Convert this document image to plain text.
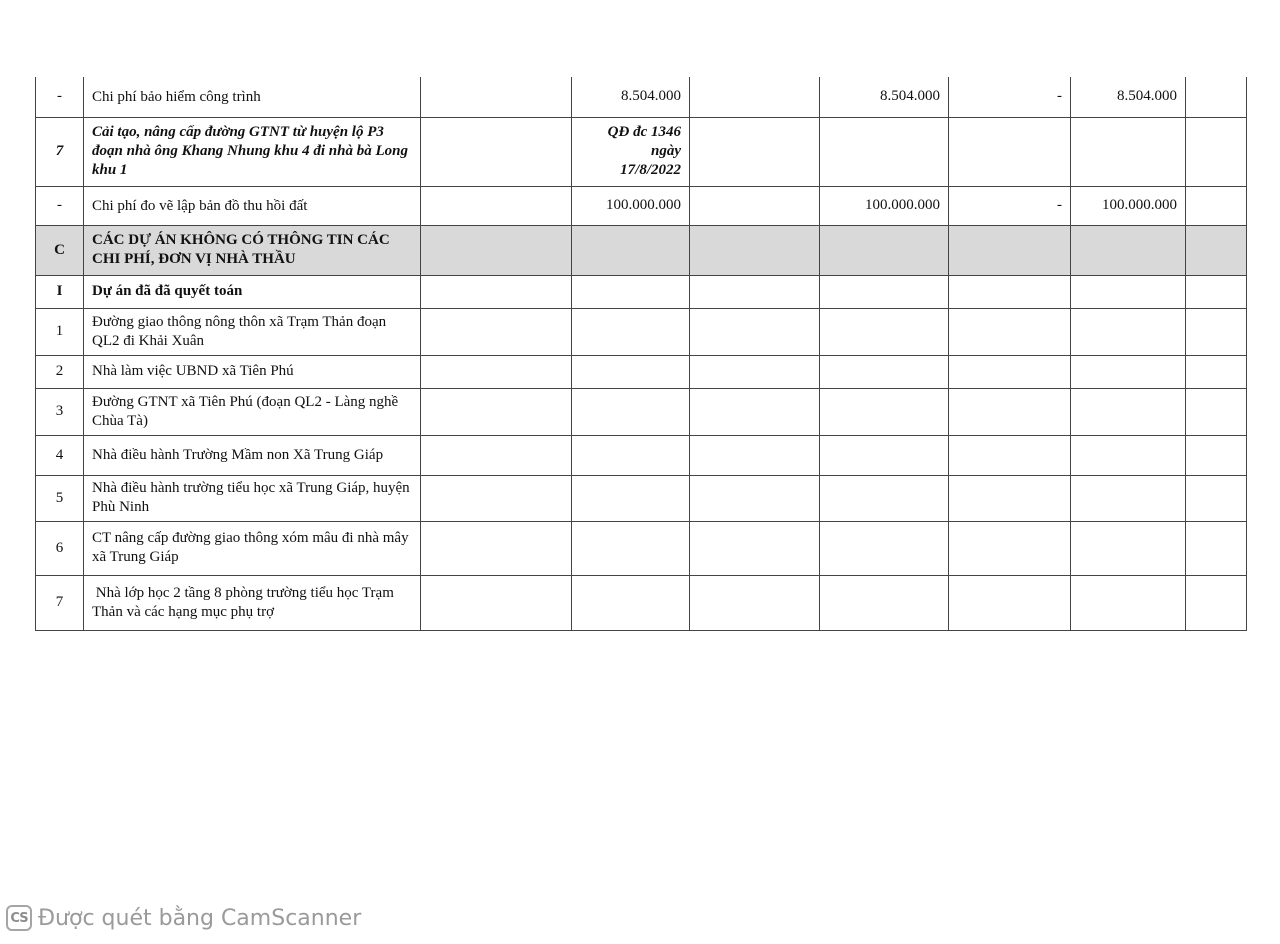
-	Chi phí bảo hiểm công trình		8.504.000		8.504.000	-	8.504.000	
7	Cải tạo, nâng cấp đường GTNT từ huyện lộ P3 đoạn nhà ông Khang Nhung khu 4 đi nhà bà Long khu 1		QĐ đc 1346 ngày 17/8/2022					
-	Chi phí đo vẽ lập bản đồ thu hồi đất		100.000.000		100.000.000	-	100.000.000	
C	CÁC DỰ ÁN KHÔNG CÓ THÔNG TIN CÁC CHI PHÍ, ĐƠN VỊ NHÀ THẦU							
I	Dự án đã đã quyết toán							
1	Đường giao thông nông thôn xã Trạm Thản đoạn QL2 đi Khải Xuân							
2	Nhà làm việc UBND xã Tiên Phú							
3	Đường GTNT xã Tiên Phú (đoạn QL2 - Làng nghề Chùa Tà)							
4	Nhà điều hành Trường Mầm non Xã Trung Giáp							
5	Nhà điều hành trường tiểu học xã Trung Giáp, huyện Phù Ninh							
6	CT nâng cấp đường giao thông xóm mâu đi nhà mây xã Trung Giáp							
7	Nhà lớp học 2 tầng 8 phòng trường tiểu học Trạm Thản và các hạng mục phụ trợ							
CS Được quét bằng CamScanner
